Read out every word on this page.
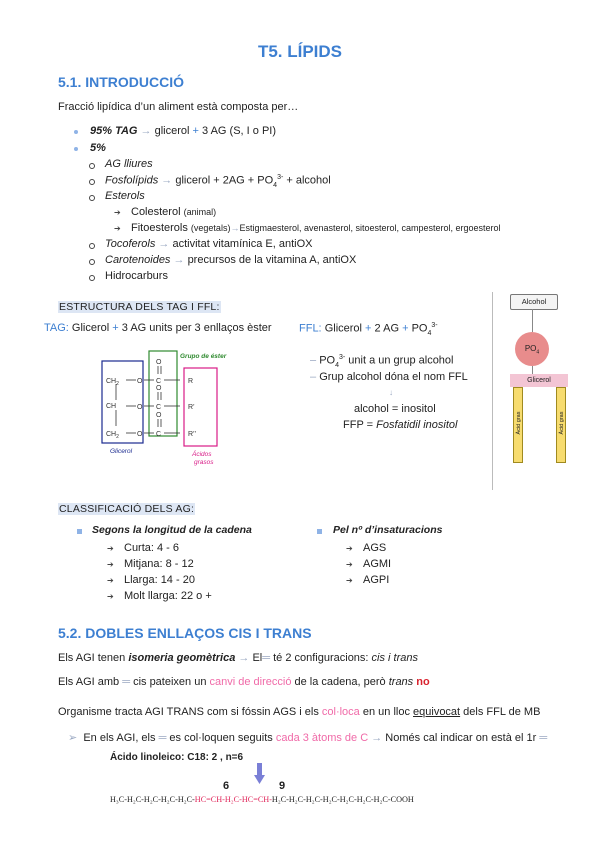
T5. LÍPIDS
5.1. INTRODUCCIÓ
Fracció lipídica d’un aliment està composta per…
95% TAG → glicerol + 3 AG (S, I o PI)
5%
AG lliures
Fosfolípids → glicerol + $2AG + PO_4^{3-}$ + alcohol
Esterols
➔ Colesterol (animal)
➔ Fitoesterols (vegetals)→Estigmaesterol, avenasterol, sitoesterol, campesterol, ergoesterol
Tocoferols → activitat vitamínica E, antiOX
Carotenoides → precursos de la vitamina A, antiOX
Hidrocarburs
ESTRUCTURA DELS TAG I FFL:
TAG: Glicerol + 3 AG units per 3 enllaços èster FFL: Glicerol + 2 AG + $PO_4^{3-}$
$CH_2$
CH
$CH_2$
O
O
O
C
C
C
O
O
O
R
R’
R’’
Grupo de éster
Glicerol	Ácidos
grasos
– $PO_4^{3-}$ unit a un grup alcohol
– Grup alcohol dóna el nom FFL
↓
alcohol = inositol
FFP = Fosfatidil inositol
Alcohol
$PO_4$
Glicerol
Àcid gras	Àcid gras
CLASSIFICACIÓ DELS AG:
Segons la longitud de la cadena
➔ Curta: 4 - 6
➔ Mitjana: 8 - 12
➔ Llarga: 14 - 20
➔ Molt llarga: 22 o +
Pel nº d’insaturacions
➔ AGS
➔ AGMI
➔ AGPI
5.2. DOBLES ENLLAÇOS CIS I TRANS
Els AGI tenen isomeria geomètrica → El═ té 2 configuracions: cis i trans
Els AGI amb ═ cis pateixen un canvi de direcció de la cadena, però trans no
Organisme tracta AGI TRANS com si fóssin AGS i els col·loca en un lloc equivocat dels FFL de MB
➢ En els AGI, els ═ es col·loquen seguits cada 3 àtoms de C → Només cal indicar on està el 1r ═
Ácido linoleico: C18: 2 , n=6
6	9
H₃C-H₂C-H₂C-H₂C-H₂C-HC=CH-H₂C-HC=CH-H₂C-H₂C-H₂C-H₂C-H₂C-H₂C-H₂C-COOH
